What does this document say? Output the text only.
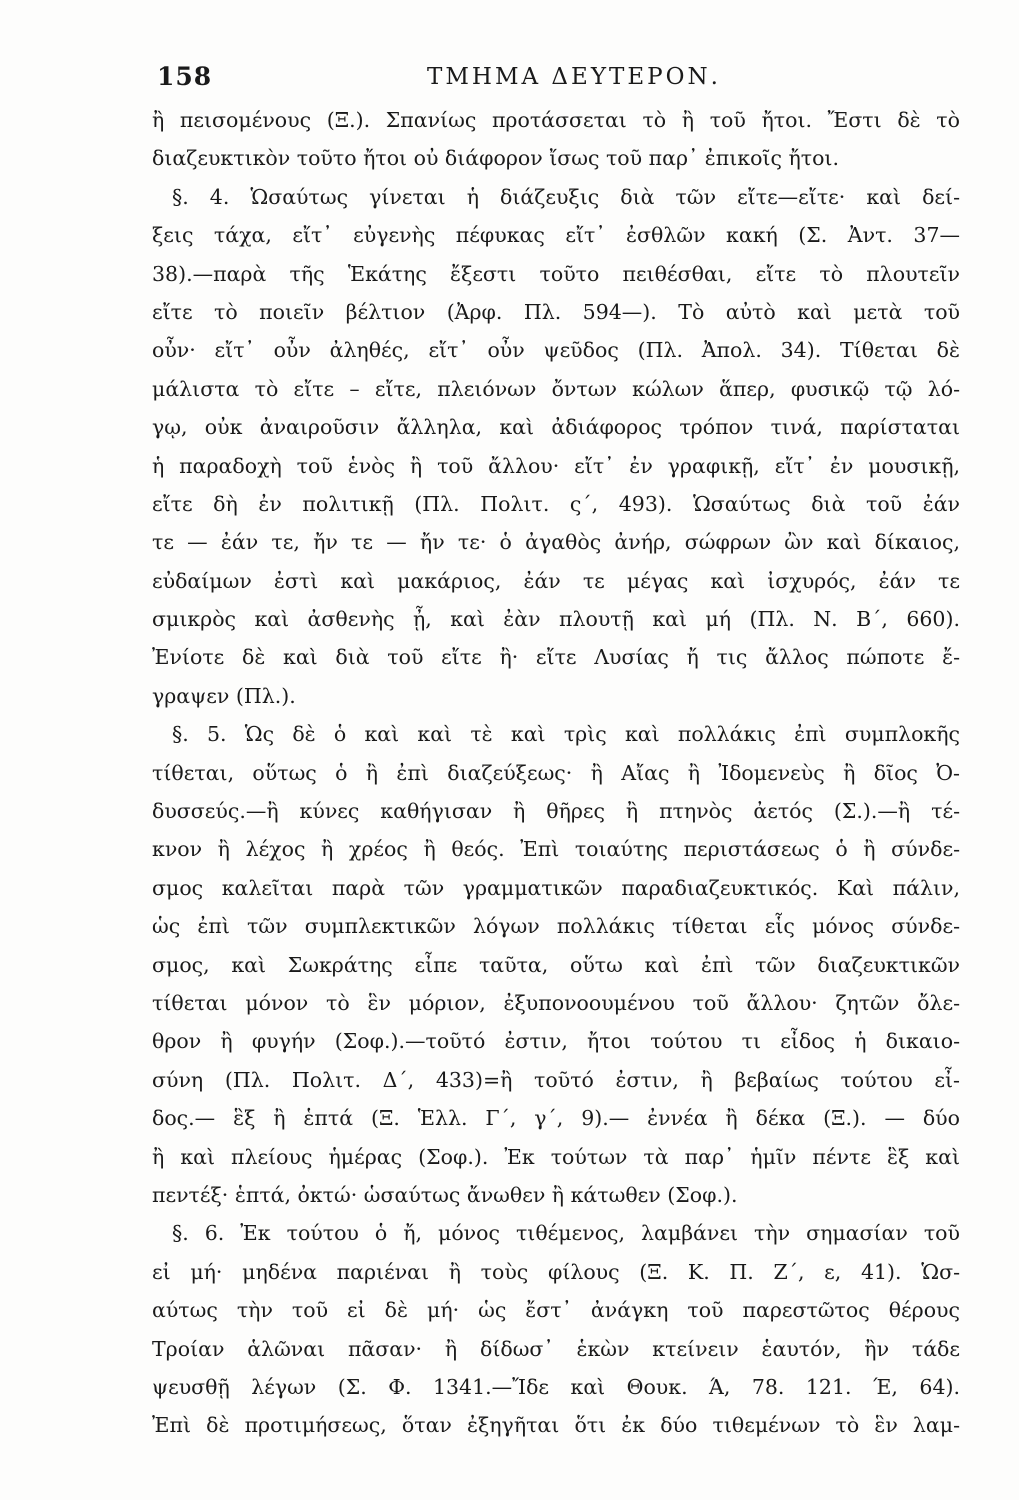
158	ΤΜΗΜΑ ΔΕΥΤΕΡΟΝ.
ἢ πεισομένους (Ξ.). Σπανίως προτάσσεται τὸ ἢ τοῦ ἤτοι. Ἔστι δὲ τὸ
διαζευκτικὸν τοῦτο ἤτοι οὐ διάφορον ἴσως τοῦ παρ᾽ ἐπικοῖς ἤτοι.
§. 4. Ὡσαύτως γίνεται ἡ διάζευξις διὰ τῶν εἴτε—εἴτε· καὶ δεί-
ξεις τάχα, εἴτ᾽ εὐγενὴς πέφυκας εἴτ᾽ ἐσθλῶν κακή (Σ. Ἀντ. 37—
38).—παρὰ τῆς Ἑκάτης ἔξεστι τοῦτο πειθέσθαι, εἴτε τὸ πλουτεῖν
εἴτε τὸ ποιεῖν βέλτιον (Ἀρφ. Πλ. 594—). Τὸ αὐτὸ καὶ μετὰ τοῦ
οὖν· εἴτ᾽ οὖν ἀληθές, εἴτ᾽ οὖν ψεῦδος (Πλ. Ἀπολ. 34). Τίθεται δὲ
μάλιστα τὸ εἴτε – εἴτε, πλειόνων ὄντων κώλων ἅπερ, φυσικῷ τῷ λό-
γῳ, οὐκ ἀναιροῦσιν ἄλληλα, καὶ ἀδιάφορος τρόπον τινά, παρίσταται
ἡ παραδοχὴ τοῦ ἑνὸς ἢ τοῦ ἄλλου· εἴτ᾽ ἐν γραφικῇ, εἴτ᾽ ἐν μουσικῇ,
εἴτε δὴ ἐν πολιτικῇ (Πλ. Πολιτ. ς΄, 493). Ὡσαύτως διὰ τοῦ ἐάν
τε — ἐάν τε, ἤν τε — ἤν τε· ὁ ἀγαθὸς ἀνήρ, σώφρων ὢν καὶ δίκαιος,
εὐδαίμων ἐστὶ καὶ μακάριος, ἐάν τε μέγας καὶ ἰσχυρός, ἐάν τε
σμικρὸς καὶ ἀσθενὴς ᾖ, καὶ ἐὰν πλουτῇ καὶ μή (Πλ. Ν. Β΄, 660).
Ἐνίοτε δὲ καὶ διὰ τοῦ εἴτε ἢ· εἴτε Λυσίας ἤ τις ἄλλος πώποτε ἔ-
γραψεν (Πλ.).
§. 5. Ὡς δὲ ὁ καὶ καὶ τὲ καὶ τρὶς καὶ πολλάκις ἐπὶ συμπλοκῆς
τίθεται, οὕτως ὁ ἢ ἐπὶ διαζεύξεως· ἢ Αἴας ἢ Ἰδομενεὺς ἢ δῖος Ὀ-
δυσσεύς.—ἢ κύνες καθήγισαν ἢ θῆρες ἢ πτηνὸς ἀετός (Σ.).—ἢ τέ-
κνον ἢ λέχος ἢ χρέος ἢ θεός. Ἐπὶ τοιαύτης περιστάσεως ὁ ἢ σύνδε-
σμος καλεῖται παρὰ τῶν γραμματικῶν παραδιαζευκτικός. Καὶ πάλιν,
ὡς ἐπὶ τῶν συμπλεκτικῶν λόγων πολλάκις τίθεται εἷς μόνος σύνδε-
σμος, καὶ Σωκράτης εἶπε ταῦτα, οὕτω καὶ ἐπὶ τῶν διαζευκτικῶν
τίθεται μόνον τὸ ἓν μόριον, ἐξυπονοουμένου τοῦ ἄλλου· ζητῶν ὄλε-
θρον ἢ φυγήν (Σοφ.).—τοῦτό ἐστιν, ἤτοι τούτου τι εἶδος ἡ δικαιο-
σύνη (Πλ. Πολιτ. Δ΄, 433)=ἢ τοῦτό ἐστιν, ἢ βεβαίως τούτου εἶ-
δος.— ἓξ ἢ ἑπτά (Ξ. Ἑλλ. Γ΄, γ΄, 9).— ἐννέα ἢ δέκα (Ξ.). — δύο
ἢ καὶ πλείους ἡμέρας (Σοφ.). Ἐκ τούτων τὰ παρ᾽ ἡμῖν πέντε ἓξ καὶ
πεντέξ· ἑπτά, ὀκτώ· ὡσαύτως ἄνωθεν ἢ κάτωθεν (Σοφ.).
§. 6. Ἐκ τούτου ὁ ἤ, μόνος τιθέμενος, λαμβάνει τὴν σημασίαν τοῦ
εἰ μή· μηδένα παριέναι ἢ τοὺς φίλους (Ξ. Κ. Π. Ζ΄, ε, 41). Ὡσ-
αύτως τὴν τοῦ εἰ δὲ μή· ὡς ἔστ᾽ ἀνάγκη τοῦ παρεστῶτος θέρους
Τροίαν ἁλῶναι πᾶσαν· ἢ δίδωσ᾽ ἑκὼν κτείνειν ἑαυτόν, ἢν τάδε
ψευσθῇ λέγων (Σ. Φ. 1341.—Ἴδε καὶ Θουκ. Ά, 78. 121. Έ, 64).
Ἐπὶ δὲ προτιμήσεως, ὅταν ἐξηγῆται ὅτι ἐκ δύο τιθεμένων τὸ ἓν λαμ-
